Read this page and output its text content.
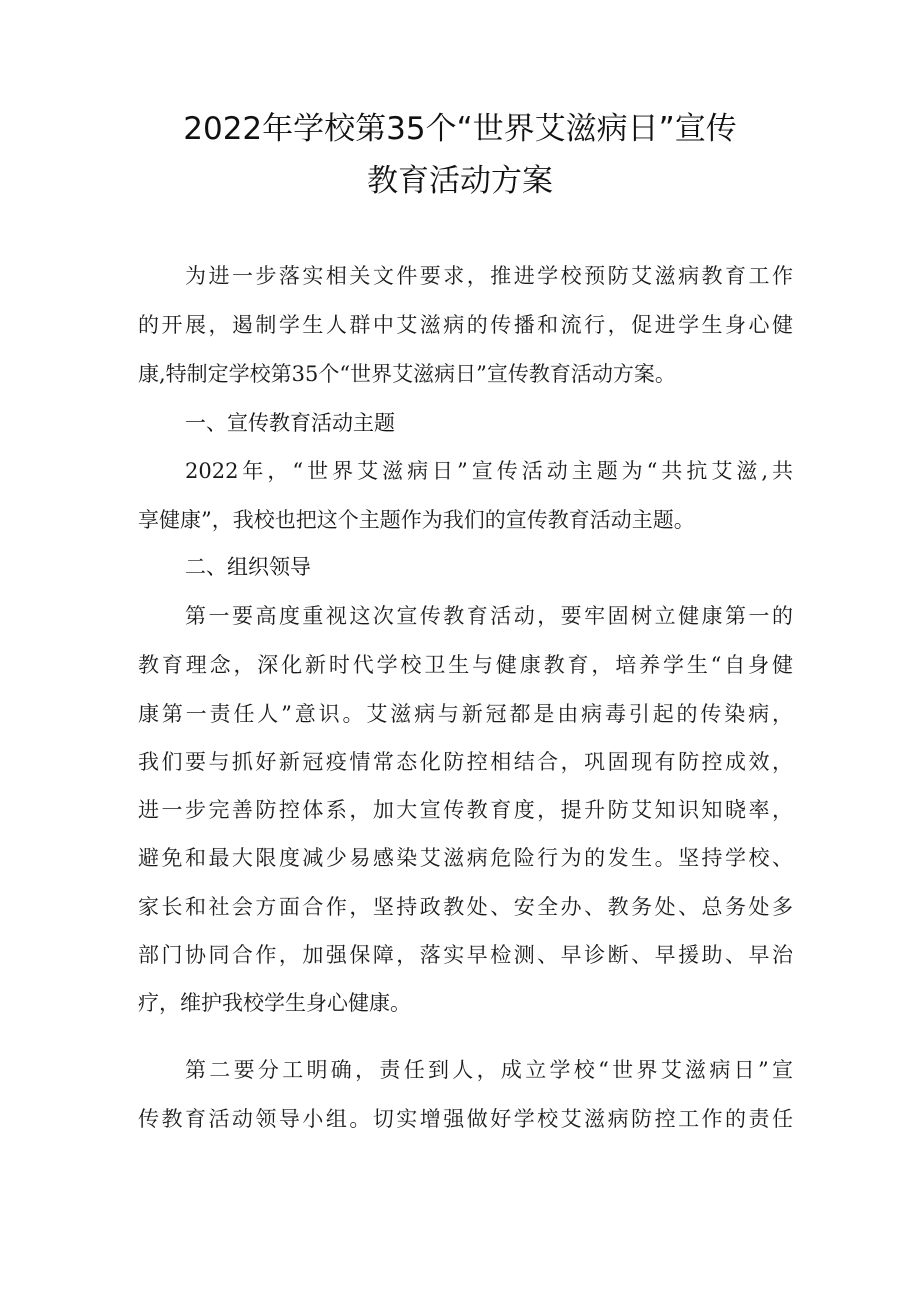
2022年学校第35个“世界艾滋病日”宣传
教育活动方案
为进一步落实相关文件要求，推进学校预防艾滋病教育工作
的开展，遏制学生人群中艾滋病的传播和流行，促进学生身心健
康,特制定学校第35个“世界艾滋病日”宣传教育活动方案。
一、宣传教育活动主题
2022年，“世界艾滋病日”宣传活动主题为“共抗艾滋,共
享健康”，我校也把这个主题作为我们的宣传教育活动主题。
二、组织领导
第一要高度重视这次宣传教育活动，要牢固树立健康第一的
教育理念，深化新时代学校卫生与健康教育，培养学生“自身健
康第一责任人”意识。艾滋病与新冠都是由病毒引起的传染病，
我们要与抓好新冠疫情常态化防控相结合，巩固现有防控成效，
进一步完善防控体系，加大宣传教育度，提升防艾知识知晓率，
避免和最大限度减少易感染艾滋病危险行为的发生。坚持学校、
家长和社会方面合作，坚持政教处、安全办、教务处、总务处多
部门协同合作，加强保障，落实早检测、早诊断、早援助、早治
疗，维护我校学生身心健康。
第二要分工明确，责任到人，成立学校“世界艾滋病日”宣
传教育活动领导小组。切实增强做好学校艾滋病防控工作的责任
